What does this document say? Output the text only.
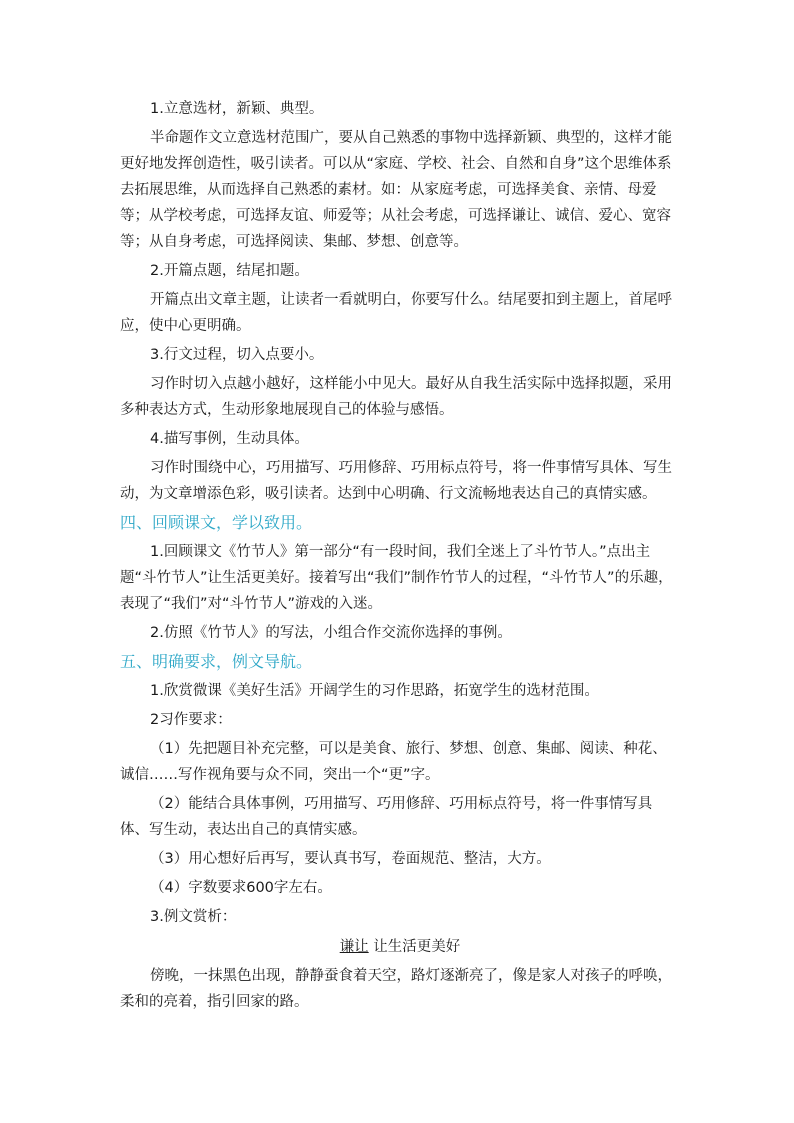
1.立意选材，新颖、典型。

半命题作文立意选材范围广，要从自己熟悉的事物中选择新颖、典型的，这样才能更好地发挥创造性，吸引读者。可以从“家庭、学校、社会、自然和自身”这个思维体系去拓展思维，从而选择自己熟悉的素材。如：从家庭考虑，可选择美食、亲情、母爱等；从学校考虑，可选择友谊、师爱等；从社会考虑，可选择谦让、诚信、爱心、宽容等；从自身考虑，可选择阅读、集邮、梦想、创意等。

2.开篇点题，结尾扣题。

开篇点出文章主题，让读者一看就明白，你要写什么。结尾要扣到主题上，首尾呼应，使中心更明确。

3.行文过程，切入点要小。

习作时切入点越小越好，这样能小中见大。最好从自我生活实际中选择拟题，采用多种表达方式，生动形象地展现自己的体验与感悟。

4.描写事例，生动具体。

习作时围绕中心，巧用描写、巧用修辞、巧用标点符号，将一件事情写具体、写生动，为文章增添色彩，吸引读者。达到中心明确、行文流畅地表达自己的真情实感。

四、回顾课文，学以致用。

1.回顾课文《竹节人》第一部分“有一段时间，我们全迷上了斗竹节人。”点出主题“斗竹节人”让生活更美好。接着写出“我们”制作竹节人的过程，“斗竹节人”的乐趣，表现了“我们”对“斗竹节人”游戏的入迷。

2.仿照《竹节人》的写法，小组合作交流你选择的事例。

五、明确要求，例文导航。

1.欣赏微课《美好生活》开阔学生的习作思路，拓宽学生的选材范围。

2习作要求：

（1）先把题目补充完整，可以是美食、旅行、梦想、创意、集邮、阅读、种花、诚信……写作视角要与众不同，突出一个“更”字。

（2）能结合具体事例，巧用描写、巧用修辞、巧用标点符号，将一件事情写具体、写生动，表达出自己的真情实感。

（3）用心想好后再写，要认真书写，卷面规范、整洁，大方。

（4）字数要求600字左右。

3.例文赏析：

谦让 让生活更美好

傍晚，一抹黑色出现，静静蚕食着天空，路灯逐渐亮了，像是家人对孩子的呼唤，柔和的亮着，指引回家的路。
